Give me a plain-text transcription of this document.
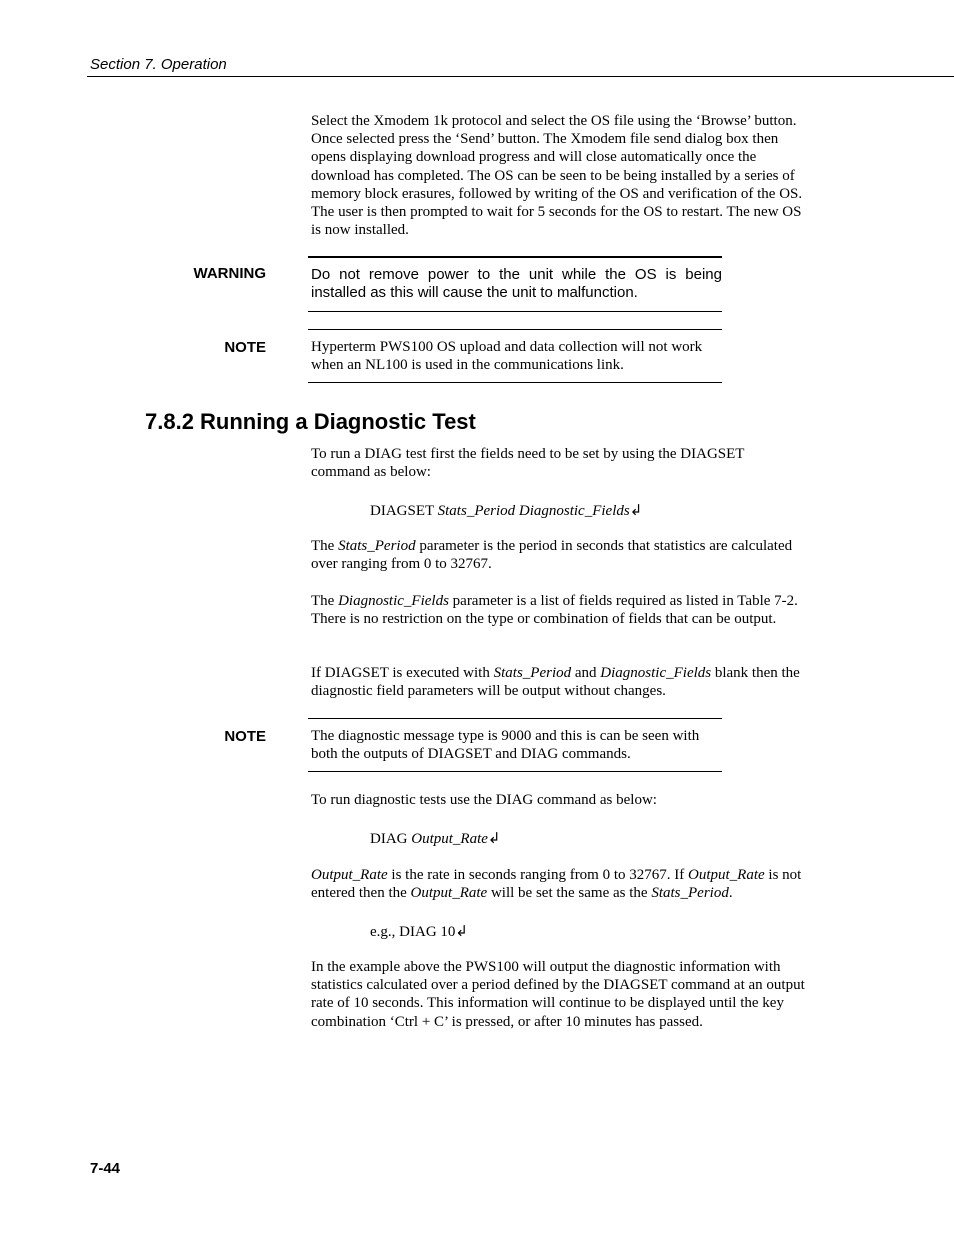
Section 7. Operation

Select the Xmodem 1k protocol and select the OS file using the ‘Browse’ button. Once selected press the ‘Send’ button. The Xmodem file send dialog box then opens displaying download progress and will close automatically once the download has completed. The OS can be seen to be being installed by a series of memory block erasures, followed by writing of the OS and verification of the OS. The user is then prompted to wait for 5 seconds for the OS to restart. The new OS is now installed.

WARNING	Do not remove power to the unit while the OS is being installed as this will cause the unit to malfunction.
NOTE	Hyperterm PWS100 OS upload and data collection will not work when an NL100 is used in the communications link.
7.8.2 Running a Diagnostic Test

To run a DIAG test first the fields need to be set by using the DIAGSET command as below:

DIAGSET Stats_Period Diagnostic_Fields↲

The Stats_Period parameter is the period in seconds that statistics are calculated over ranging from 0 to 32767.

The Diagnostic_Fields parameter is a list of fields required as listed in Table 7-2. There is no restriction on the type or combination of fields that can be output.

If DIAGSET is executed with Stats_Period and Diagnostic_Fields blank then the diagnostic field parameters will be output without changes.

NOTE	The diagnostic message type is 9000 and this is can be seen with both the outputs of DIAGSET and DIAG commands.

To run diagnostic tests use the DIAG command as below:

DIAG Output_Rate↲

Output_Rate is the rate in seconds ranging from 0 to 32767. If Output_Rate is not entered then the Output_Rate will be set the same as the Stats_Period.

e.g., DIAG 10↲

In the example above the PWS100 will output the diagnostic information with statistics calculated over a period defined by the DIAGSET command at an output rate of 10 seconds. This information will continue to be displayed until the key combination ‘Ctrl + C’ is pressed, or after 10 minutes has passed.

7-44
